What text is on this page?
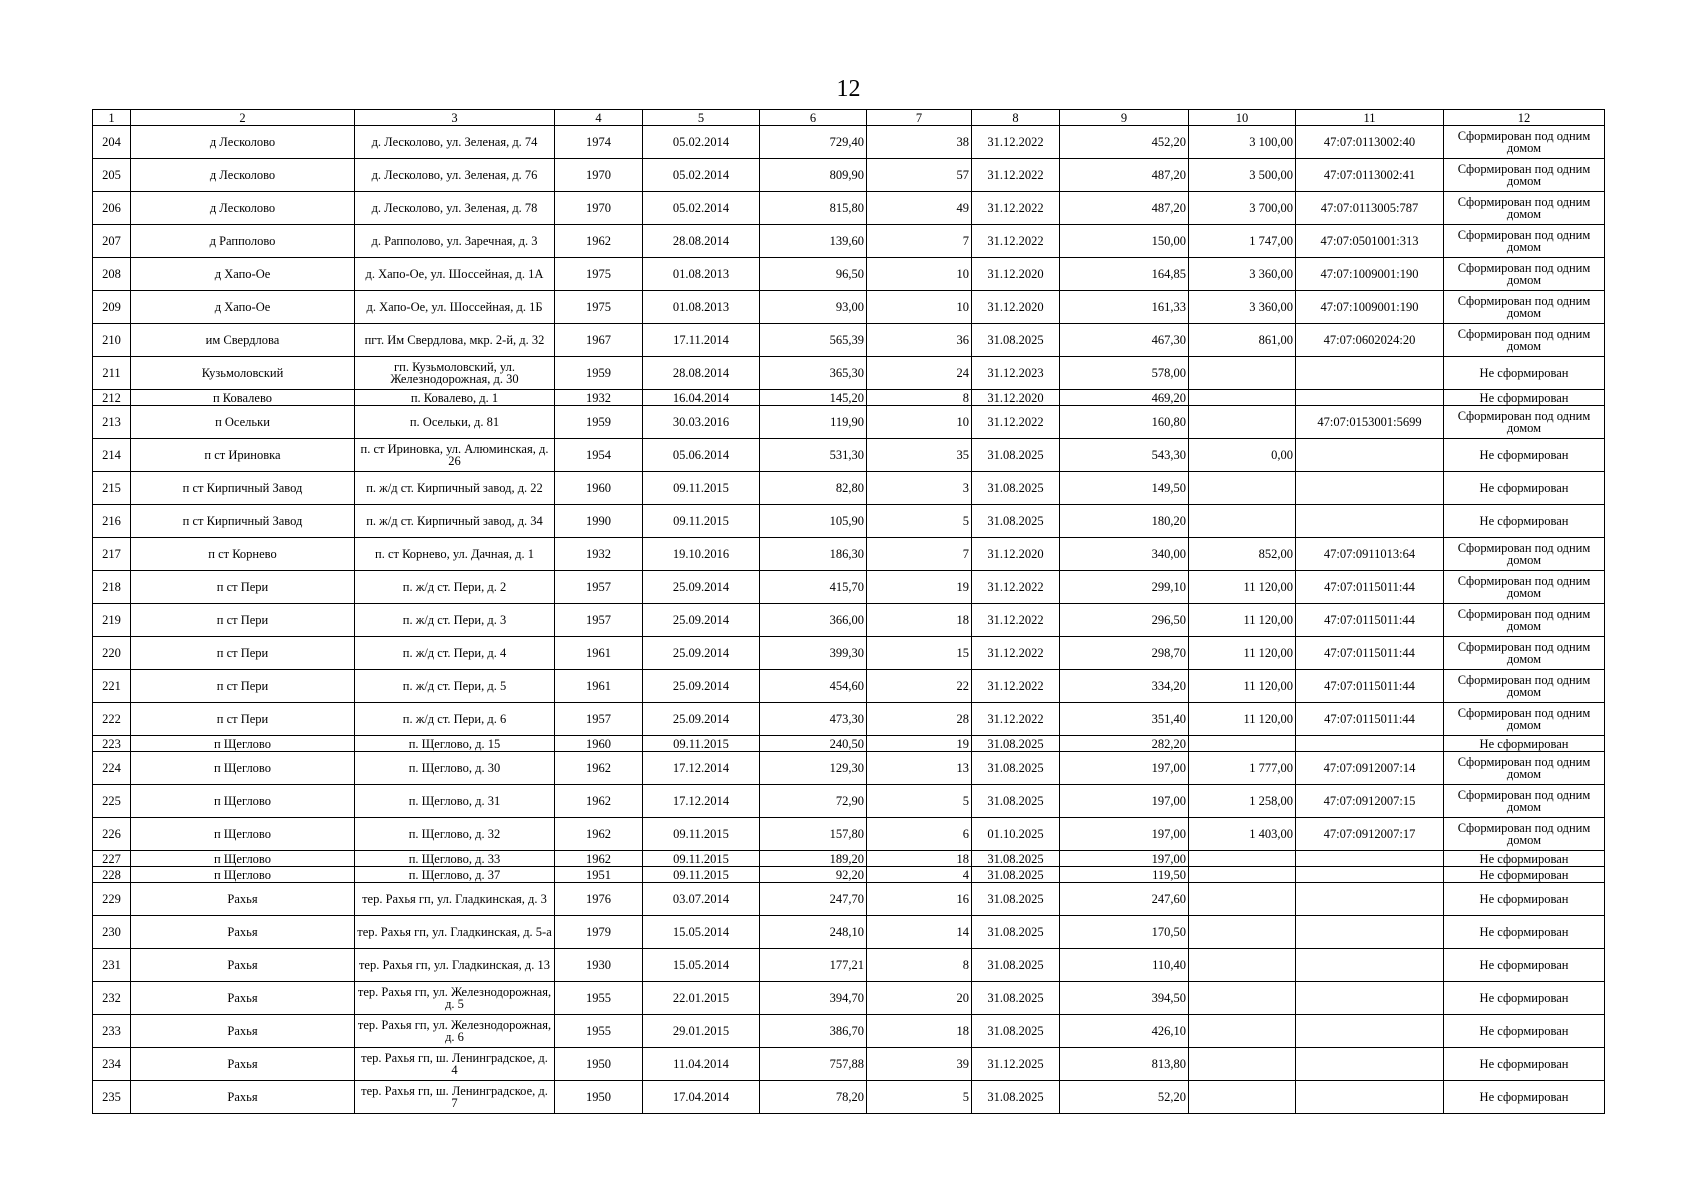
12
1	2	3	4	5	6	7	8	9	10	11	12
204	д Лесколово	д. Лесколово, ул. Зеленая, д. 74	1974	05.02.2014	729,40	38	31.12.2022	452,20	3 100,00	47:07:0113002:40	Сформирован под одним домом
205	д Лесколово	д. Лесколово, ул. Зеленая, д. 76	1970	05.02.2014	809,90	57	31.12.2022	487,20	3 500,00	47:07:0113002:41	Сформирован под одним домом
206	д Лесколово	д. Лесколово, ул. Зеленая, д. 78	1970	05.02.2014	815,80	49	31.12.2022	487,20	3 700,00	47:07:0113005:787	Сформирован под одним домом
207	д Рапполово	д. Рапполово, ул. Заречная, д. 3	1962	28.08.2014	139,60	7	31.12.2022	150,00	1 747,00	47:07:0501001:313	Сформирован под одним домом
208	д Хапо-Ое	д. Хапо-Ое, ул. Шоссейная, д. 1А	1975	01.08.2013	96,50	10	31.12.2020	164,85	3 360,00	47:07:1009001:190	Сформирован под одним домом
209	д Хапо-Ое	д. Хапо-Ое, ул. Шоссейная, д. 1Б	1975	01.08.2013	93,00	10	31.12.2020	161,33	3 360,00	47:07:1009001:190	Сформирован под одним домом
210	им Свердлова	пгт. Им Свердлова, мкр. 2-й, д. 32	1967	17.11.2014	565,39	36	31.08.2025	467,30	861,00	47:07:0602024:20	Сформирован под одним домом
211	Кузьмоловский	гп. Кузьмоловский, ул. Железнодорожная, д. 30	1959	28.08.2014	365,30	24	31.12.2023	578,00			Не сформирован
212	п Ковалево	п. Ковалево, д. 1	1932	16.04.2014	145,20	8	31.12.2020	469,20			Не сформирован
213	п Осельки	п. Осельки, д. 81	1959	30.03.2016	119,90	10	31.12.2022	160,80		47:07:0153001:5699	Сформирован под одним домом
214	п ст Ириновка	п. ст Ириновка, ул. Алюминская, д. 26	1954	05.06.2014	531,30	35	31.08.2025	543,30	0,00		Не сформирован
215	п ст Кирпичный Завод	п. ж/д ст. Кирпичный завод, д. 22	1960	09.11.2015	82,80	3	31.08.2025	149,50			Не сформирован
216	п ст Кирпичный Завод	п. ж/д ст. Кирпичный завод, д. 34	1990	09.11.2015	105,90	5	31.08.2025	180,20			Не сформирован
217	п ст Корнево	п. ст Корнево, ул. Дачная, д. 1	1932	19.10.2016	186,30	7	31.12.2020	340,00	852,00	47:07:0911013:64	Сформирован под одним домом
218	п ст Пери	п. ж/д ст. Пери, д. 2	1957	25.09.2014	415,70	19	31.12.2022	299,10	11 120,00	47:07:0115011:44	Сформирован под одним домом
219	п ст Пери	п. ж/д ст. Пери, д. 3	1957	25.09.2014	366,00	18	31.12.2022	296,50	11 120,00	47:07:0115011:44	Сформирован под одним домом
220	п ст Пери	п. ж/д ст. Пери, д. 4	1961	25.09.2014	399,30	15	31.12.2022	298,70	11 120,00	47:07:0115011:44	Сформирован под одним домом
221	п ст Пери	п. ж/д ст. Пери, д. 5	1961	25.09.2014	454,60	22	31.12.2022	334,20	11 120,00	47:07:0115011:44	Сформирован под одним домом
222	п ст Пери	п. ж/д ст. Пери, д. 6	1957	25.09.2014	473,30	28	31.12.2022	351,40	11 120,00	47:07:0115011:44	Сформирован под одним домом
223	п Щеглово	п. Щеглово, д. 15	1960	09.11.2015	240,50	19	31.08.2025	282,20			Не сформирован
224	п Щеглово	п. Щеглово, д. 30	1962	17.12.2014	129,30	13	31.08.2025	197,00	1 777,00	47:07:0912007:14	Сформирован под одним домом
225	п Щеглово	п. Щеглово, д. 31	1962	17.12.2014	72,90	5	31.08.2025	197,00	1 258,00	47:07:0912007:15	Сформирован под одним домом
226	п Щеглово	п. Щеглово, д. 32	1962	09.11.2015	157,80	6	01.10.2025	197,00	1 403,00	47:07:0912007:17	Сформирован под одним домом
227	п Щеглово	п. Щеглово, д. 33	1962	09.11.2015	189,20	18	31.08.2025	197,00			Не сформирован
228	п Щеглово	п. Щеглово, д. 37	1951	09.11.2015	92,20	4	31.08.2025	119,50			Не сформирован
229	Рахья	тер. Рахья гп, ул. Гладкинская, д. 3	1976	03.07.2014	247,70	16	31.08.2025	247,60			Не сформирован
230	Рахья	тер. Рахья гп, ул. Гладкинская, д. 5-а	1979	15.05.2014	248,10	14	31.08.2025	170,50			Не сформирован
231	Рахья	тер. Рахья гп, ул. Гладкинская, д. 13	1930	15.05.2014	177,21	8	31.08.2025	110,40			Не сформирован
232	Рахья	тер. Рахья гп, ул. Железнодорожная, д. 5	1955	22.01.2015	394,70	20	31.08.2025	394,50			Не сформирован
233	Рахья	тер. Рахья гп, ул. Железнодорожная, д. 6	1955	29.01.2015	386,70	18	31.08.2025	426,10			Не сформирован
234	Рахья	тер. Рахья гп, ш. Ленинградское, д. 4	1950	11.04.2014	757,88	39	31.12.2025	813,80			Не сформирован
235	Рахья	тер. Рахья гп, ш. Ленинградское, д. 7	1950	17.04.2014	78,20	5	31.08.2025	52,20			Не сформирован
